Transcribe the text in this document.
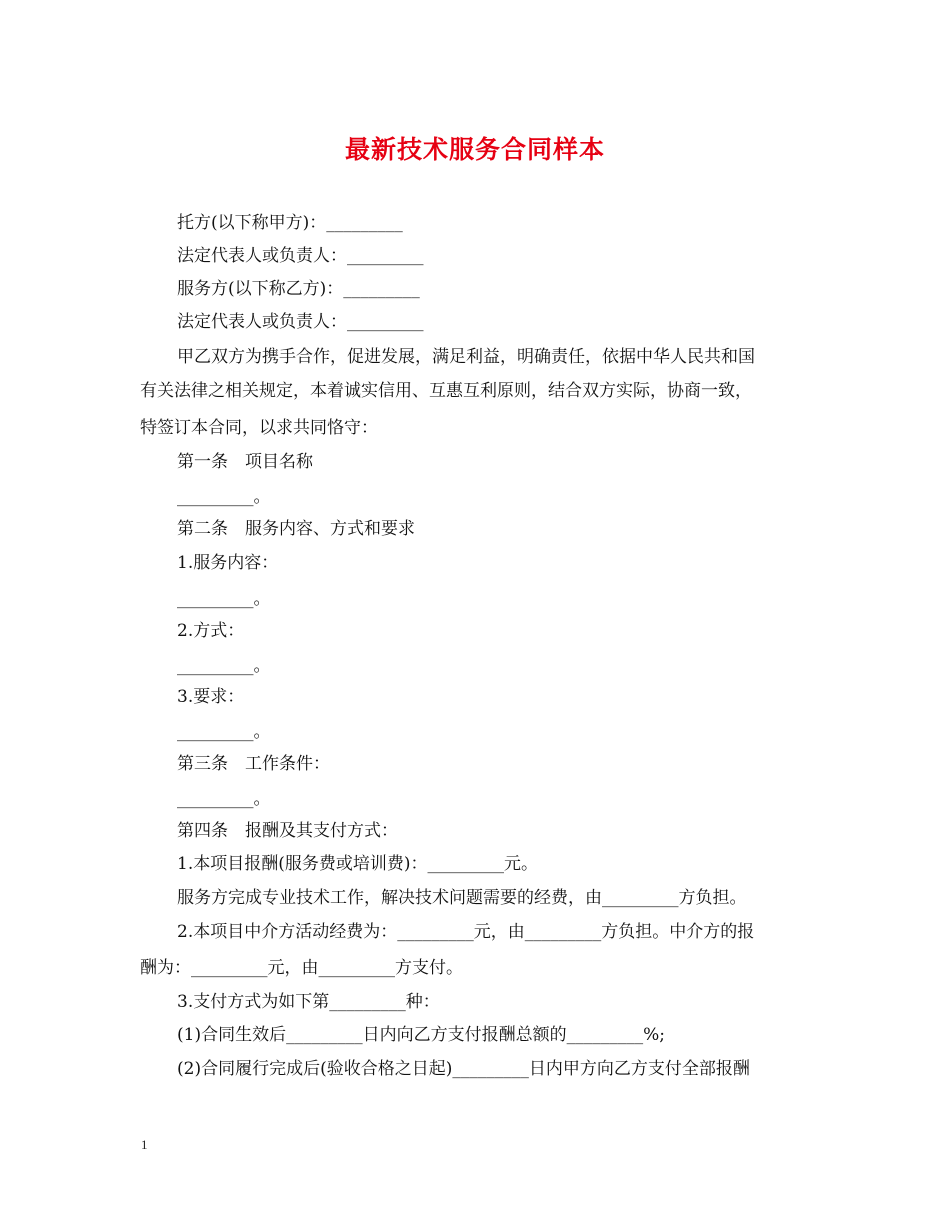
最新技术服务合同样本
托方(以下称甲方)：_________
法定代表人或负责人：_________
服务方(以下称乙方)：_________
法定代表人或负责人：_________
甲乙双方为携手合作，促进发展，满足利益，明确责任，依据中华人民共和国
有关法律之相关规定，本着诚实信用、互惠互利原则，结合双方实际，协商一致，
特签订本合同，以求共同恪守：
第一条　项目名称
_________。
第二条　服务内容、方式和要求
1.服务内容：
_________。
2.方式：
_________。
3.要求：
_________。
第三条　工作条件：
_________。
第四条　报酬及其支付方式：
1.本项目报酬(服务费或培训费)：_________元。
服务方完成专业技术工作，解决技术问题需要的经费，由_________方负担。
2.本项目中介方活动经费为：_________元，由_________方负担。中介方的报
酬为：_________元，由_________方支付。
3.支付方式为如下第_________种：
(1)合同生效后_________日内向乙方支付报酬总额的_________%;
(2)合同履行完成后(验收合格之日起)_________日内甲方向乙方支付全部报酬
1
